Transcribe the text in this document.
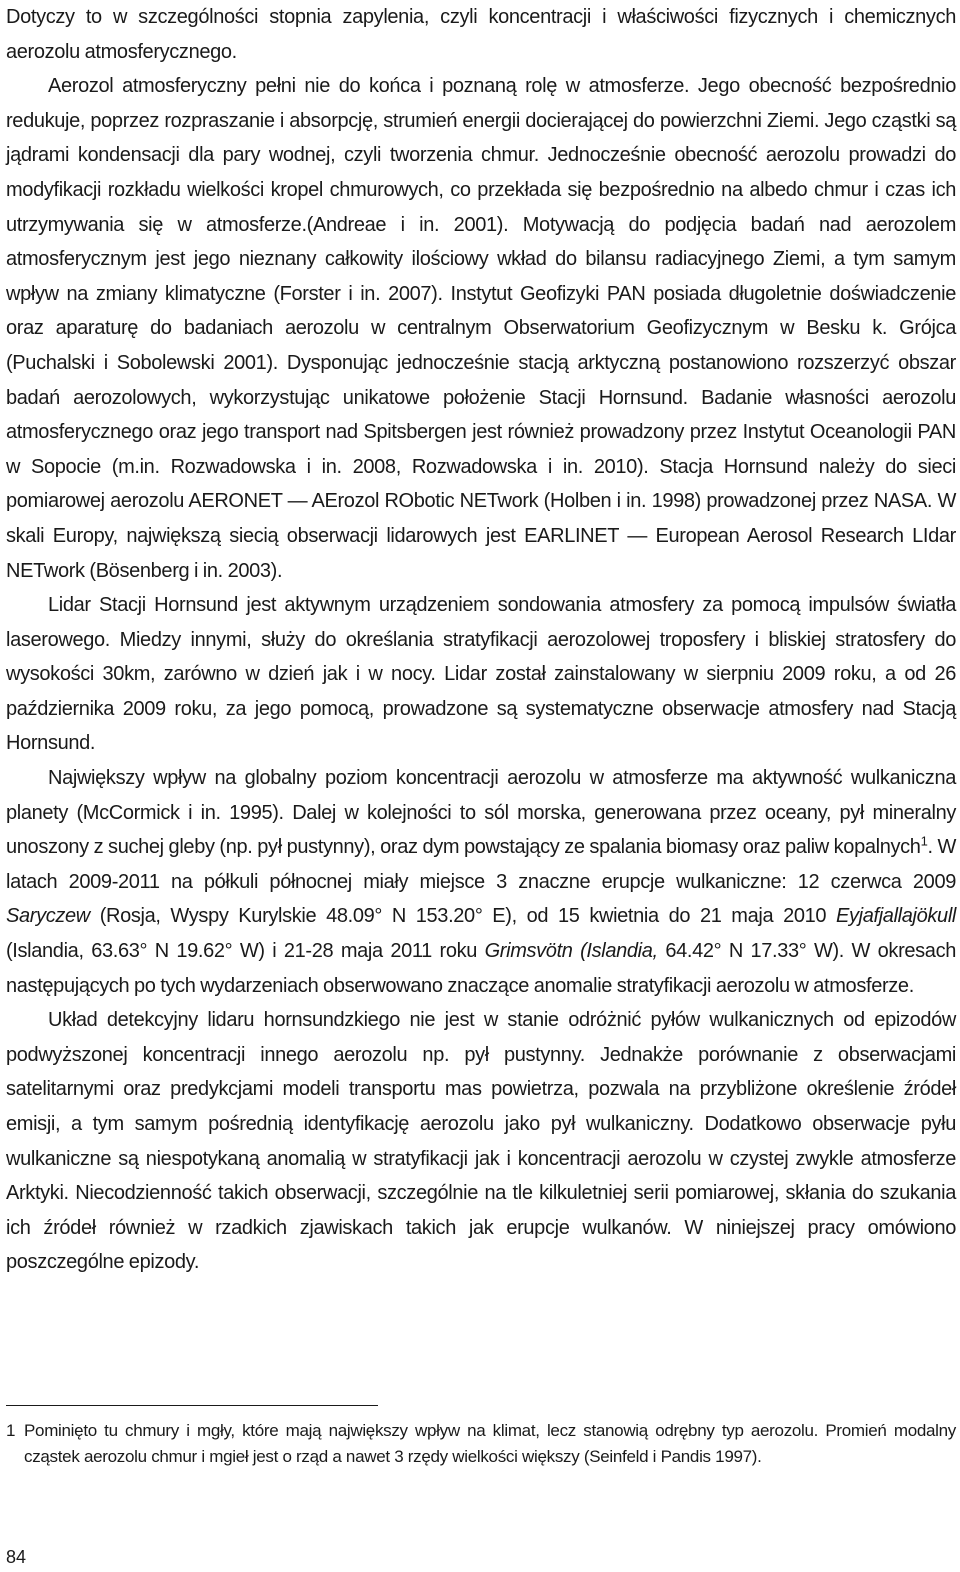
Dotyczy to w szczególności stopnia zapylenia, czyli koncentracji i właściwości fizycznych i chemicznych aerozolu atmosferycznego.

Aerozol atmosferyczny pełni nie do końca i poznaną rolę w atmosferze. Jego obecność bezpośrednio redukuje, poprzez rozpraszanie i absorpcję, strumień energii docierającej do powierzchni Ziemi. Jego cząstki są jądrami kondensacji dla pary wodnej, czyli tworzenia chmur. Jednocześnie obecność aerozolu prowadzi do modyfikacji rozkładu wielkości kropel chmurowych, co przekłada się bezpośrednio na albedo chmur i czas ich utrzymywania się w atmosferze.(Andreae i in. 2001). Motywacją do podjęcia badań nad aerozolem atmosferycznym jest jego nieznany całkowity ilościowy wkład do bilansu radiacyjnego Ziemi, a tym samym wpływ na zmiany klimatyczne (Forster i in. 2007). Instytut Geofizyki PAN posiada długoletnie doświadczenie oraz aparaturę do badaniach aerozolu w centralnym Obserwatorium Geofizycznym w Besku k. Grójca (Puchalski i Sobolewski 2001). Dysponując jednocześnie stacją arktyczną postanowiono rozszerzyć obszar badań aerozolowych, wykorzystując unikatowe położenie Stacji Hornsund. Badanie własności aerozolu atmosferycznego oraz jego transport nad Spitsbergen jest również prowadzony przez Instytut Oceanologii PAN w Sopocie (m.in. Rozwadowska i in. 2008, Rozwadowska i in. 2010). Stacja Hornsund należy do sieci pomiarowej aerozolu AERONET — AErozol RObotic NETwork (Holben i in. 1998) prowadzonej przez NASA. W skali Europy, największą siecią obserwacji lidarowych jest EARLINET — European Aerosol Research LIdar NETwork (Bösenberg i in. 2003).

Lidar Stacji Hornsund jest aktywnym urządzeniem sondowania atmosfery za pomocą impulsów światła laserowego. Miedzy innymi, służy do określania stratyfikacji aerozolowej troposfery i bliskiej stratosfery do wysokości 30km, zarówno w dzień jak i w nocy. Lidar został zainstalowany w sierpniu 2009 roku, a od 26 października 2009 roku, za jego pomocą, prowadzone są systematyczne obserwacje atmosfery nad Stacją Hornsund.

Największy wpływ na globalny poziom koncentracji aerozolu w atmosferze ma aktywność wulkaniczna planety (McCormick i in. 1995). Dalej w kolejności to sól morska, generowana przez oceany, pył mineralny unoszony z suchej gleby (np. pył pustynny), oraz dym powstający ze spalania biomasy oraz paliw kopalnych$^1$. W latach 2009-2011 na półkuli północnej miały miejsce 3 znaczne erupcje wulkaniczne: 12 czerwca 2009 Saryczew (Rosja, Wyspy Kurylskie 48.09° N 153.20° E), od 15 kwietnia do 21 maja 2010 Eyjafjallajökull (Islandia, 63.63° N 19.62° W) i 21-28 maja 2011 roku Grimsvötn (Islandia, 64.42° N 17.33° W). W okresach następujących po tych wydarzeniach obserwowano znaczące anomalie stratyfikacji aerozolu w atmosferze.

Układ detekcyjny lidaru hornsundzkiego nie jest w stanie odróżnić pyłów wulkanicznych od epizodów podwyższonej koncentracji innego aerozolu np. pył pustynny. Jednakże porównanie z obserwacjami satelitarnymi oraz predykcjami modeli transportu mas powietrza, pozwala na przybliżone określenie źródeł emisji, a tym samym pośrednią identyfikację aerozolu jako pył wulkaniczny. Dodatkowo obserwacje pyłu wulkaniczne są niespotykaną anomalią w stratyfikacji jak i koncentracji aerozolu w czystej zwykle atmosferze Arktyki. Niecodzienność takich obserwacji, szczególnie na tle kilkuletniej serii pomiarowej, skłania do szukania ich źródeł również w rzadkich zjawiskach takich jak erupcje wulkanów. W niniejszej pracy omówiono poszczególne epizody.

1 Pominięto tu chmury i mgły, które mają największy wpływ na klimat, lecz stanowią odrębny typ aerozolu. Promień modalny cząstek aerozolu chmur i mgieł jest o rząd a nawet 3 rzędy wielkości większy (Seinfeld i Pandis 1997).
84
